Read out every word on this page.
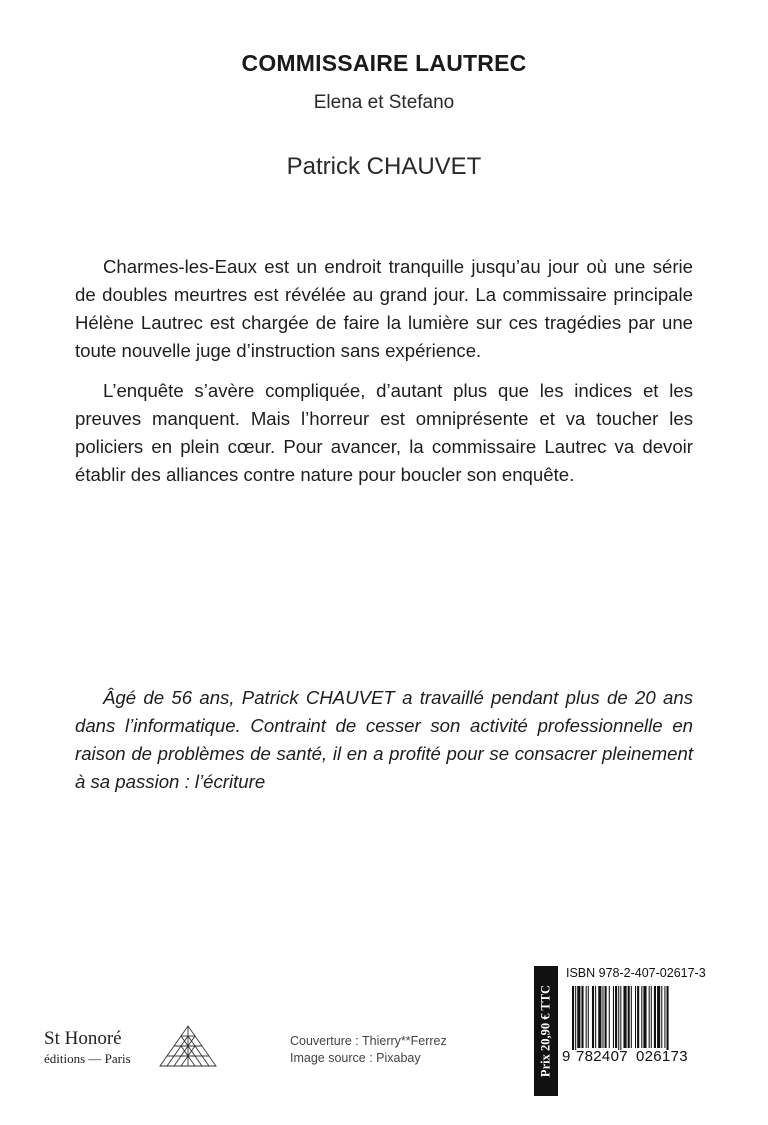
COMMISSAIRE LAUTREC
Elena et Stefano
Patrick CHAUVET

Charmes-les-Eaux est un endroit tranquille jusqu’au jour où une série de doubles meurtres est révélée au grand jour. La commissaire principale Hélène Lautrec est chargée de faire la lumière sur ces tragédies par une toute nouvelle juge d’instruction sans expérience.

L’enquête s’avère compliquée, d’autant plus que les indices et les preuves manquent. Mais l’horreur est omniprésente et va toucher les policiers en plein cœur. Pour avancer, la commissaire Lautrec va devoir établir des alliances contre nature pour boucler son enquête.

Âgé de 56 ans, Patrick CHAUVET a travaillé pendant plus de 20 ans dans l’informatique. Contraint de cesser son activité professionnelle en raison de problèmes de santé, il en a profité pour se consacrer pleinement à sa passion : l’écriture

St Honoré
éditions — Paris
Couverture : Thierry**Ferrez
Image source : Pixabay	Prix 20,90 € TTC
ISBN 978-2-407-02617-3
9 782407 026173
